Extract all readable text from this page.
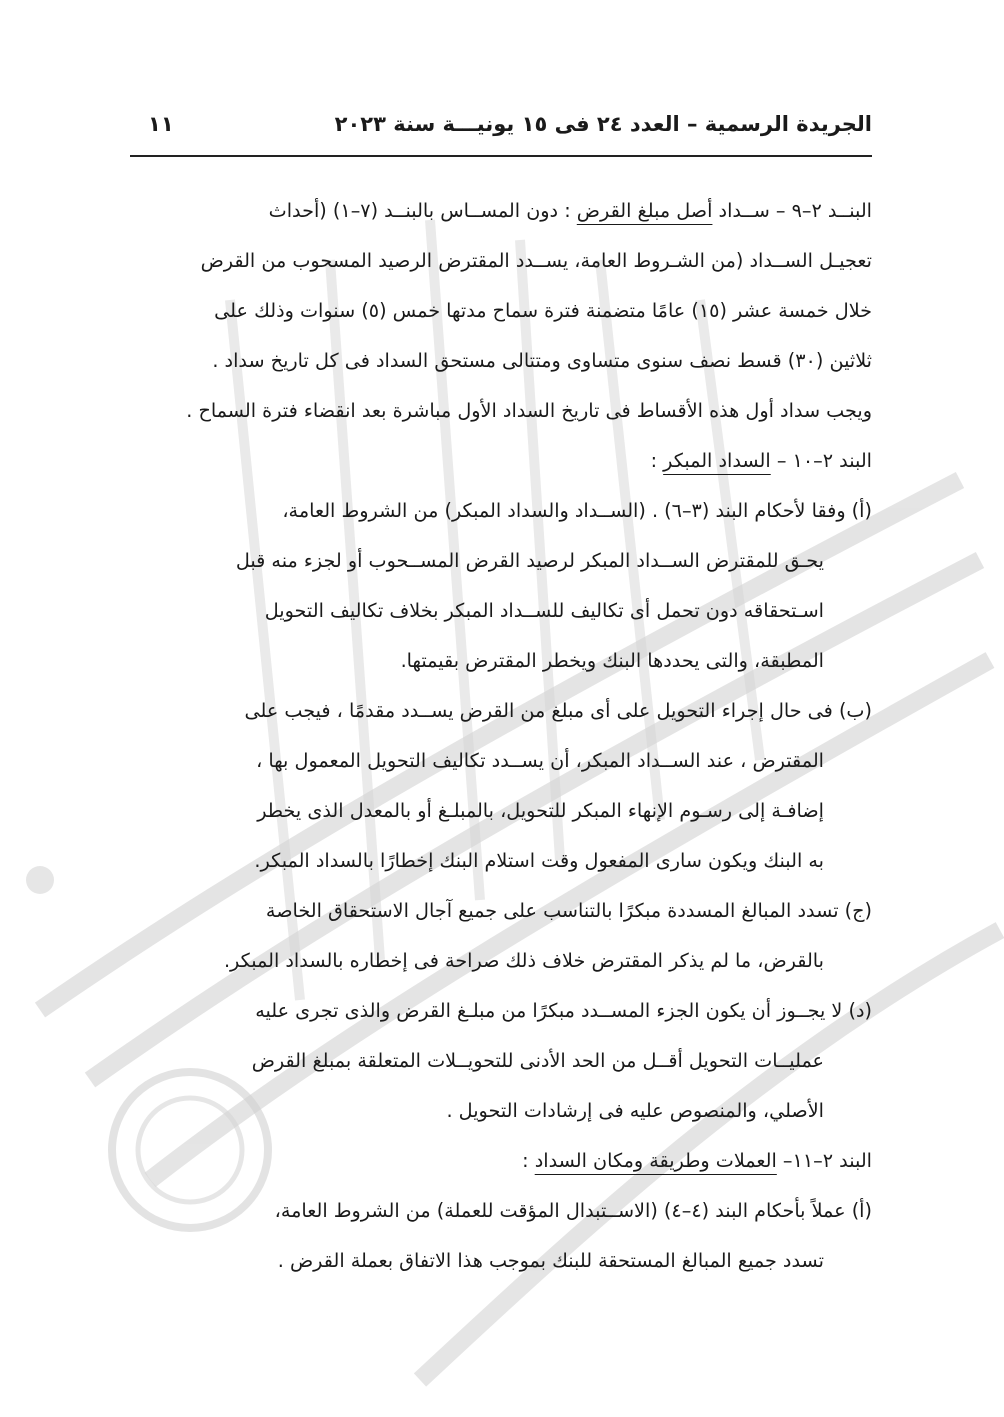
الجريدة الرسمية – العدد ٢٤ فى ١٥ يونيـــة سنة ٢٠٢٣
١١
البنــد ٢–٩ – ســداد أصل مبلغ القرض : دون المســاس بالبنــد (٧–١) (أحداث
تعجيـل الســداد (من الشـروط العامة، يســدد المقترض الرصيد المسحوب من القرض
خلال خمسة عشر (١٥) عامًا متضمنة فترة سماح مدتها خمس (٥) سنوات وذلك على
ثلاثين (٣٠) قسط نصف سنوى متساوى ومتتالى مستحق السداد فى كل تاريخ سداد .
ويجب سداد أول هذه الأقساط فى تاريخ السداد الأول مباشرة بعد انقضاء فترة السماح .
البند ٢–١٠ – السداد المبكر :
(أ) وفقا لأحكام البند (٣–٦) . (الســداد والسداد المبكر) من الشروط العامة،
يحـق للمقترض الســداد المبكر لرصيد القرض المســحوب أو لجزء منه قبل
اسـتحقاقه دون تحمل أى تكاليف للســداد المبكر بخلاف تكاليف التحويل
المطبقة، والتى يحددها البنك ويخطر المقترض بقيمتها.
(ب) فى حال إجراء التحويل على أى مبلغ من القرض يســدد مقدمًا ، فيجب على
المقترض ، عند الســداد المبكر، أن يســدد تكاليف التحويل المعمول بها ،
إضافـة إلى رسـوم الإنهاء المبكر للتحويل، بالمبلـغ أو بالمعدل الذى يخطر
به البنك ويكون سارى المفعول وقت استلام البنك إخطارًا بالسداد المبكر.
(ج) تسدد المبالغ المسددة مبكرًا بالتناسب على جميع آجال الاستحقاق الخاصة
بالقرض، ما لم يذكر المقترض خلاف ذلك صراحة فى إخطاره بالسداد المبكر.
(د) لا يجــوز أن يكون الجزء المســدد مبكرًا من مبلـغ القرض والذى تجرى عليه
عمليــات التحويل أقــل من الحد الأدنى للتحويــلات المتعلقة بمبلغ القرض
الأصلي، والمنصوص عليه فى إرشادات التحويل .
البند ٢–١١– العملات وطريقة ومكان السداد :
(أ) عملاً بأحكام البند (٤–٤) (الاســتبدال المؤقت للعملة) من الشروط العامة،
تسدد جميع المبالغ المستحقة للبنك بموجب هذا الاتفاق بعملة القرض .
